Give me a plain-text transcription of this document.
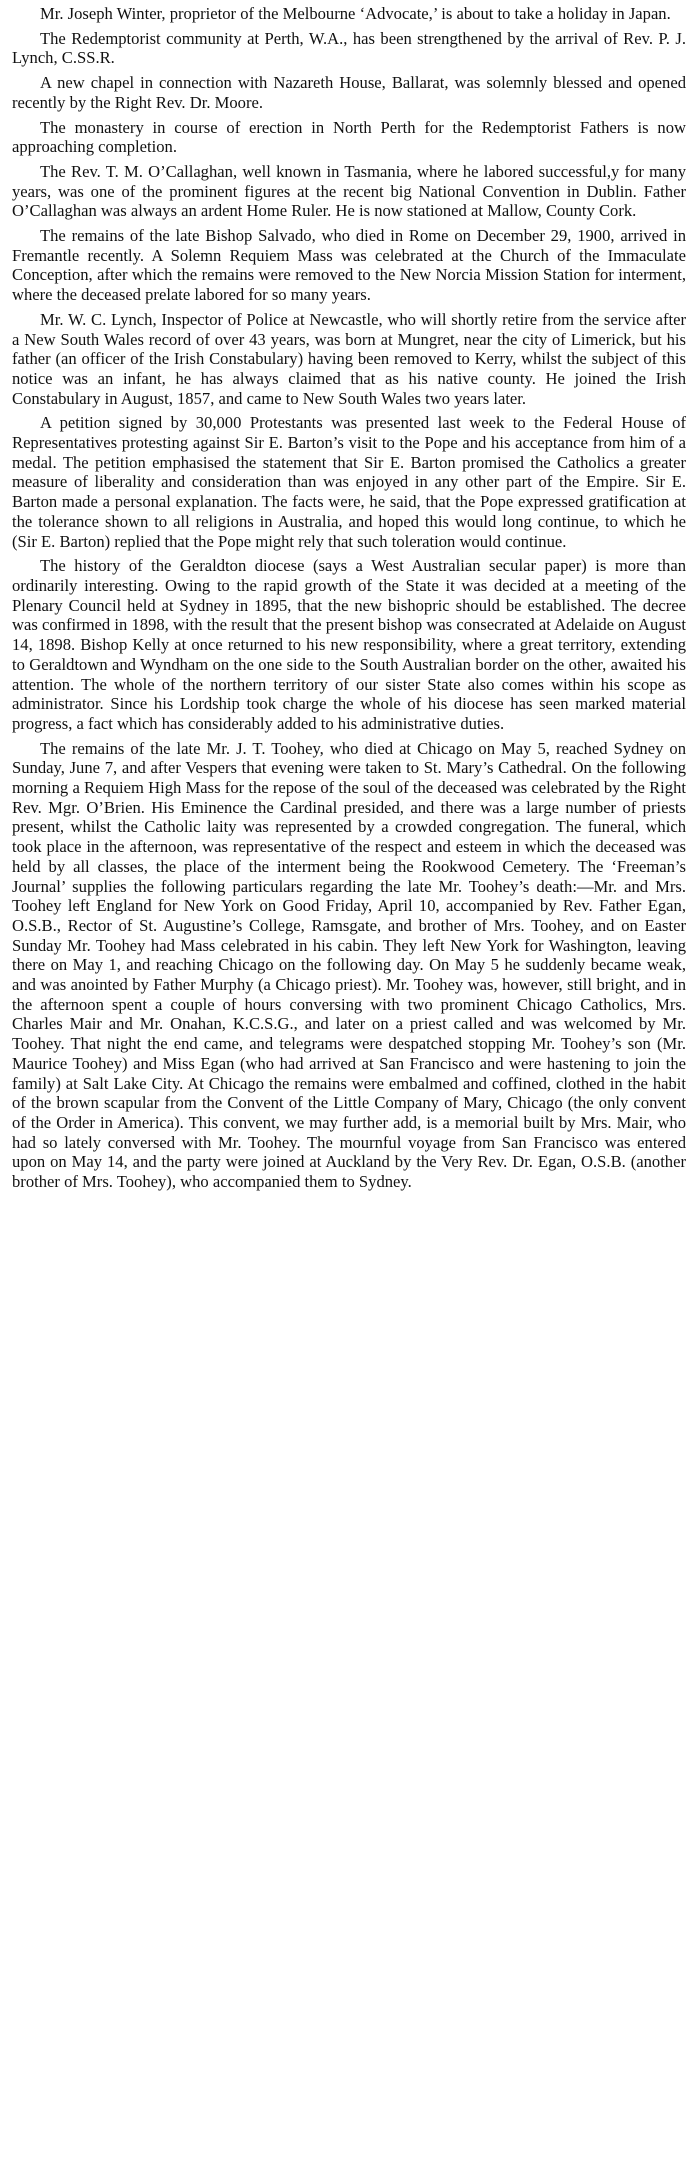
Mr. Joseph Winter, proprietor of the Melbourne ‘Advocate,’ is about to take a holiday in Japan.

The Redemptorist community at Perth, W.A., has been strengthened by the arrival of Rev. P. J. Lynch, C.SS.R.

A new chapel in connection with Nazareth House, Ballarat, was solemnly blessed and opened recently by the Right Rev. Dr. Moore.

The monastery in course of erection in North Perth for the Redemptorist Fathers is now approaching completion.

The Rev. T. M. O’Callaghan, well known in Tasmania, where he labored successful,y for many years, was one of the prominent figures at the recent big National Convention in Dublin. Father O’Callaghan was always an ardent Home Ruler. He is now stationed at Mallow, County Cork.

The remains of the late Bishop Salvado, who died in Rome on December 29, 1900, arrived in Fremantle recently. A Solemn Requiem Mass was celebrated at the Church of the Immaculate Conception, after which the remains were removed to the New Norcia Mission Station for interment, where the deceased prelate labored for so many years.

Mr. W. C. Lynch, Inspector of Police at Newcastle, who will shortly retire from the service after a New South Wales record of over 43 years, was born at Mungret, near the city of Limerick, but his father (an officer of the Irish Constabulary) having been removed to Kerry, whilst the subject of this notice was an infant, he has always claimed that as his native county. He joined the Irish Constabulary in August, 1857, and came to New South Wales two years later.

A petition signed by 30,000 Protestants was presented last week to the Federal House of Representatives protesting against Sir E. Barton’s visit to the Pope and his acceptance from him of a medal. The petition emphasised the statement that Sir E. Barton promised the Catholics a greater measure of liberality and consideration than was enjoyed in any other part of the Empire. Sir E. Barton made a personal explanation. The facts were, he said, that the Pope expressed gratification at the tolerance shown to all religions in Australia, and hoped this would long continue, to which he (Sir E. Barton) replied that the Pope might rely that such toleration would continue.

The history of the Geraldton diocese (says a West Australian secular paper) is more than ordinarily interesting. Owing to the rapid growth of the State it was decided at a meeting of the Plenary Council held at Sydney in 1895, that the new bishopric should be established. The decree was confirmed in 1898, with the result that the present bishop was consecrated at Adelaide on August 14, 1898. Bishop Kelly at once returned to his new responsibility, where a great territory, extending to Geraldtown and Wyndham on the one side to the South Australian border on the other, awaited his attention. The whole of the northern territory of our sister State also comes within his scope as administrator. Since his Lordship took charge the whole of his diocese has seen marked material progress, a fact which has considerably added to his administrative duties.

The remains of the late Mr. J. T. Toohey, who died at Chicago on May 5, reached Sydney on Sunday, June 7, and after Vespers that evening were taken to St. Mary’s Cathedral. On the following morning a Requiem High Mass for the repose of the soul of the deceased was celebrated by the Right Rev. Mgr. O’Brien. His Eminence the Cardinal presided, and there was a large number of priests present, whilst the Catholic laity was represented by a crowded congregation. The funeral, which took place in the afternoon, was representative of the respect and esteem in which the deceased was held by all classes, the place of the interment being the Rookwood Cemetery. The ‘Freeman’s Journal’ supplies the following particulars regarding the late Mr. Toohey’s death:—Mr. and Mrs. Toohey left England for New York on Good Friday, April 10, accompanied by Rev. Father Egan, O.S.B., Rector of St. Augustine’s College, Ramsgate, and brother of Mrs. Toohey, and on Easter Sunday Mr. Toohey had Mass celebrated in his cabin. They left New York for Washington, leaving there on May 1, and reaching Chicago on the following day. On May 5 he suddenly became weak, and was anointed by Father Murphy (a Chicago priest). Mr. Toohey was, however, still bright, and in the afternoon spent a couple of hours conversing with two prominent Chicago Catholics, Mrs. Charles Mair and Mr. Onahan, K.C.S.G., and later on a priest called and was welcomed by Mr. Toohey. That night the end came, and telegrams were despatched stopping Mr. Toohey’s son (Mr. Maurice Toohey) and Miss Egan (who had arrived at San Francisco and were hastening to join the family) at Salt Lake City. At Chicago the remains were embalmed and coffined, clothed in the habit of the brown scapular from the Convent of the Little Company of Mary, Chicago (the only convent of the Order in America). This convent, we may further add, is a memorial built by Mrs. Mair, who had so lately conversed with Mr. Toohey. The mournful voyage from San Francisco was entered upon on May 14, and the party were joined at Auckland by the Very Rev. Dr. Egan, O.S.B. (another brother of Mrs. Toohey), who accompanied them to Sydney.
